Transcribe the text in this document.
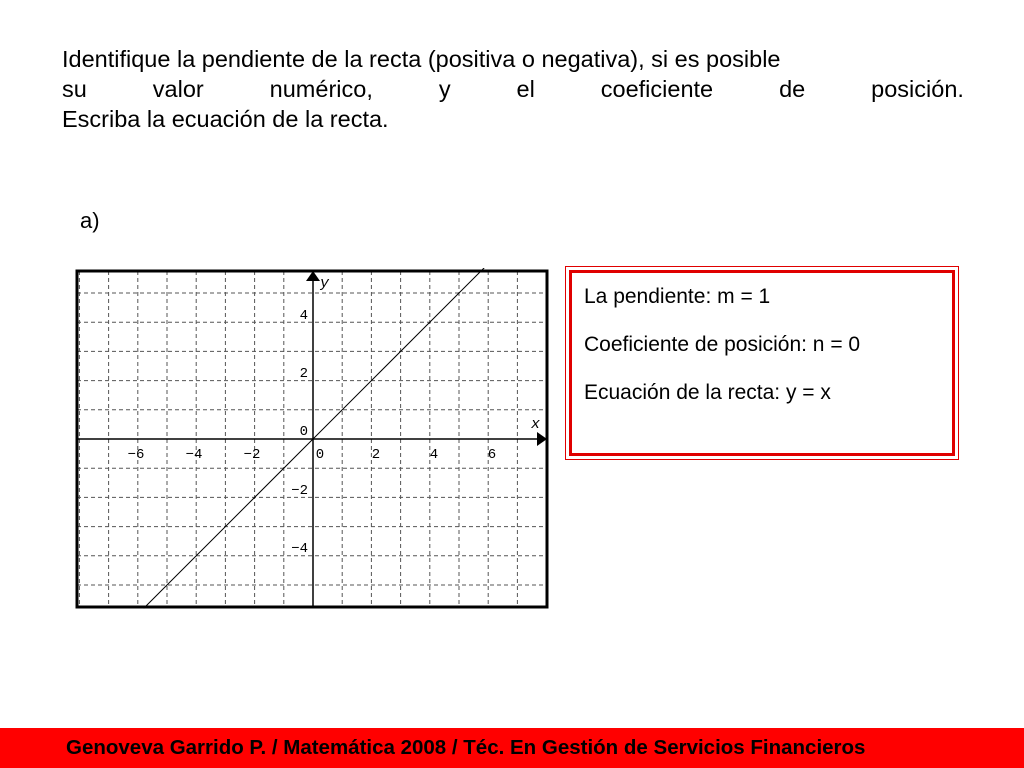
Identifique la pendiente de la recta (positiva o negativa), si es posible
su	valor	numérico,	y	el	coeficiente	de	posición.
Escriba la ecuación de la recta.
a)
x
y
−6	−4	−2	0	2	4	6
4
2
0
−2
−4
La pendiente: m = 1
Coeficiente de posición: n = 0
Ecuación de la recta: y = x
Genoveva Garrido P. / Matemática 2008 / Téc. En Gestión de Servicios Financieros
